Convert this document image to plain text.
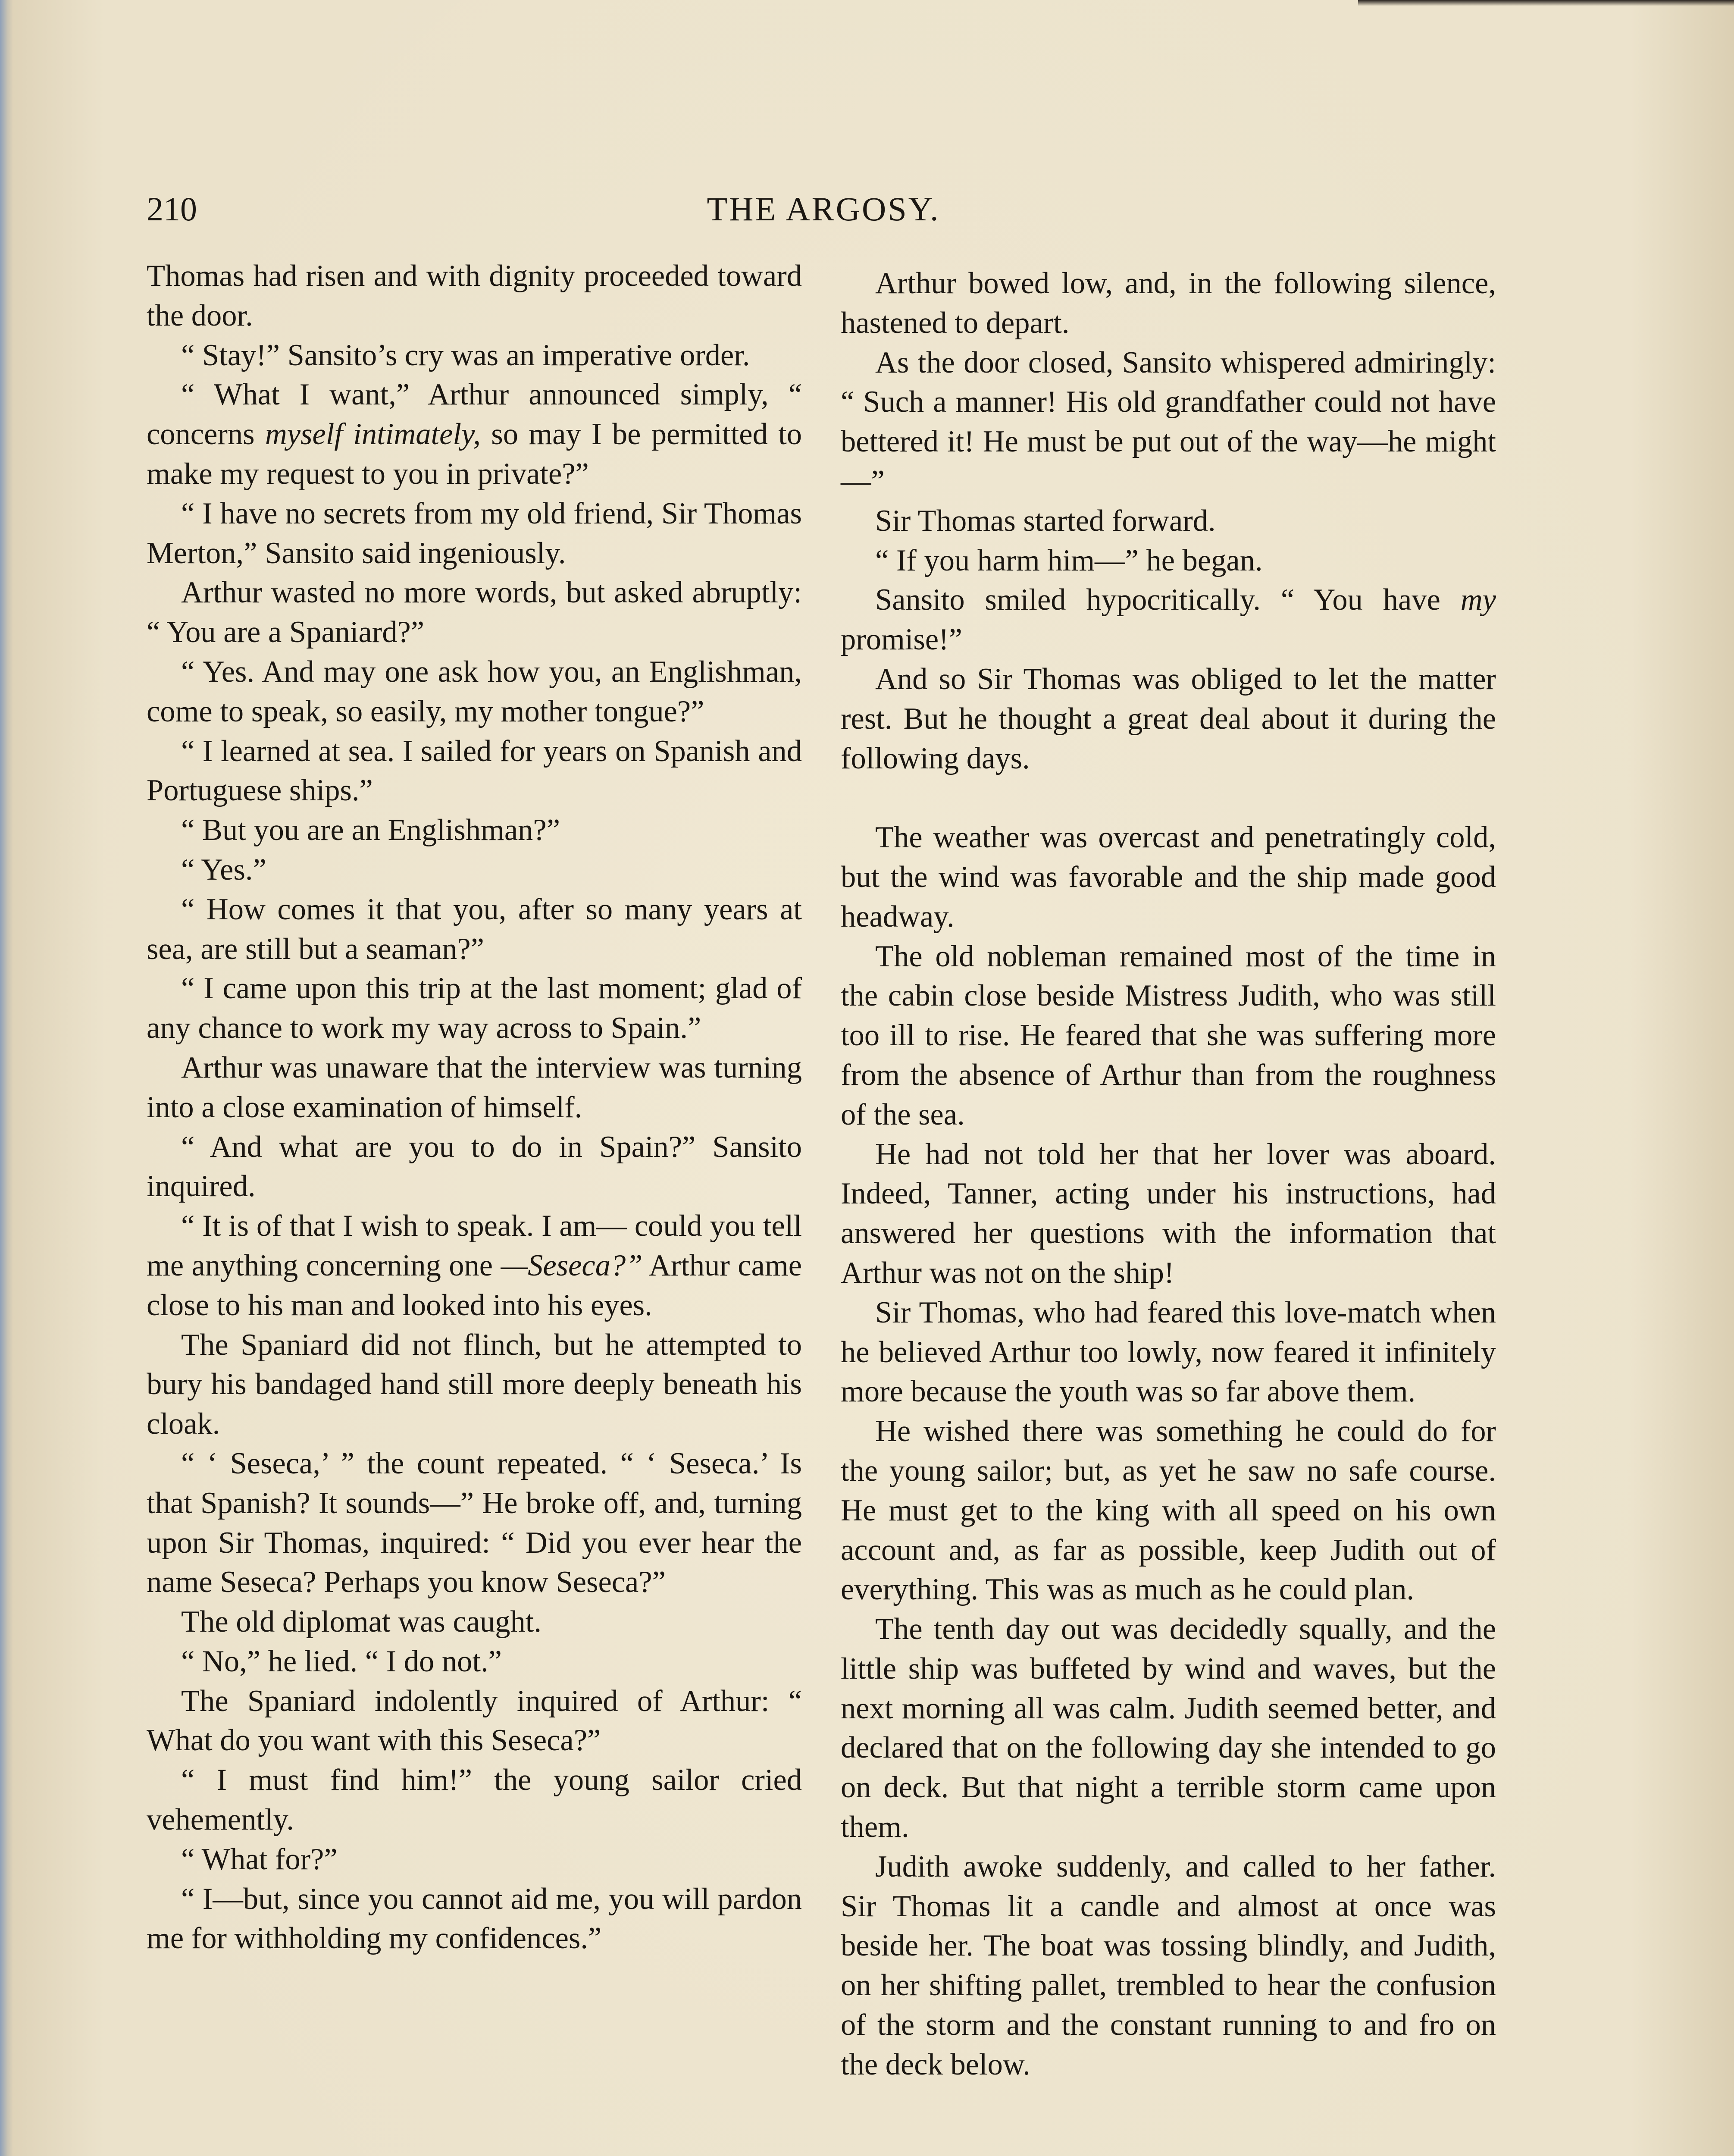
210	THE ARGOSY.

Thomas had risen and with dignity proceeded toward the door.

“ Stay!” Sansito’s cry was an imperative order.

“ What I want,” Arthur announced simply, “ concerns myself intimately, so may I be permitted to make my request to you in private?”

“ I have no secrets from my old friend, Sir Thomas Merton,” Sansito said ingeniously.

Arthur wasted no more words, but asked abruptly: “ You are a Spaniard?”

“ Yes. And may one ask how you, an Englishman, come to speak, so easily, my mother tongue?”

“ I learned at sea. I sailed for years on Spanish and Portuguese ships.”

“ But you are an Englishman?”

“ Yes.”

“ How comes it that you, after so many years at sea, are still but a seaman?”

“ I came upon this trip at the last moment; glad of any chance to work my way across to Spain.”

Arthur was unaware that the interview was turning into a close examination of himself.

“ And what are you to do in Spain?” Sansito inquired.

“ It is of that I wish to speak. I am— could you tell me anything concerning one —Seseca?” Arthur came close to his man and looked into his eyes.

The Spaniard did not flinch, but he attempted to bury his bandaged hand still more deeply beneath his cloak.

“ ‘ Seseca,’ ” the count repeated. “ ‘ Seseca.’ Is that Spanish? It sounds—” He broke off, and, turning upon Sir Thomas, inquired: “ Did you ever hear the name Seseca? Perhaps you know Seseca?”

The old diplomat was caught.

“ No,” he lied. “ I do not.”

The Spaniard indolently inquired of Arthur: “ What do you want with this Seseca?”

“ I must find him!” the young sailor cried vehemently.

“ What for?”

“ I—but, since you cannot aid me, you will pardon me for withholding my confidences.”

Arthur bowed low, and, in the following silence, hastened to depart.

As the door closed, Sansito whispered admiringly: “ Such a manner! His old grandfather could not have bettered it! He must be put out of the way—he might—”

Sir Thomas started forward.

“ If you harm him—” he began.

Sansito smiled hypocritically. “ You have my promise!”

And so Sir Thomas was obliged to let the matter rest. But he thought a great deal about it during the following days.

The weather was overcast and penetratingly cold, but the wind was favorable and the ship made good headway.

The old nobleman remained most of the time in the cabin close beside Mistress Judith, who was still too ill to rise. He feared that she was suffering more from the absence of Arthur than from the roughness of the sea.

He had not told her that her lover was aboard. Indeed, Tanner, acting under his instructions, had answered her questions with the information that Arthur was not on the ship!

Sir Thomas, who had feared this love-match when he believed Arthur too lowly, now feared it infinitely more because the youth was so far above them.

He wished there was something he could do for the young sailor; but, as yet he saw no safe course. He must get to the king with all speed on his own account and, as far as possible, keep Judith out of everything. This was as much as he could plan.

The tenth day out was decidedly squally, and the little ship was buffeted by wind and waves, but the next morning all was calm. Judith seemed better, and declared that on the following day she intended to go on deck. But that night a terrible storm came upon them.

Judith awoke suddenly, and called to her father. Sir Thomas lit a candle and almost at once was beside her. The boat was tossing blindly, and Judith, on her shifting pallet, trembled to hear the confusion of the storm and the constant running to and fro on the deck below.
